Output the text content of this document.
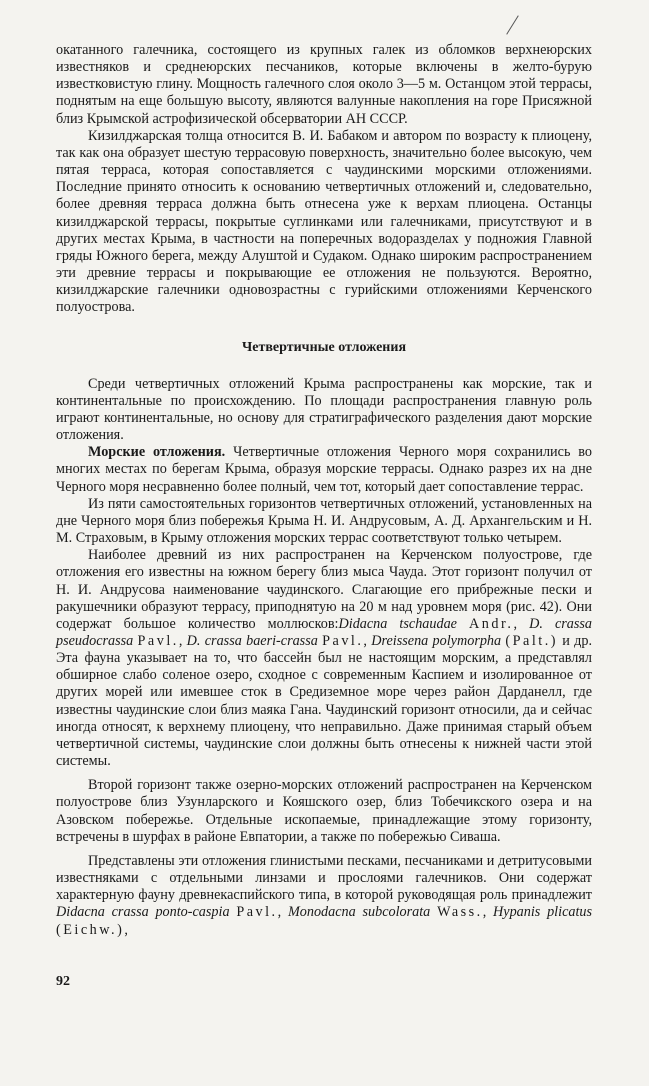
окатанного галечника, состоящего из крупных галек из обломков верхнеюрских известняков и среднеюрских песчаников, которые включены в желто-бурую известковистую глину. Мощность галечного слоя около 3—5 м. Останцом этой террасы, поднятым на еще большую высоту, являются валунные накопления на горе Присяжной близ Крымской астрофизической обсерватории АН СССР.

Кизилджарская толща относится В. И. Бабаком и автором по возрасту к плиоцену, так как она образует шестую террасовую поверхность, значительно более высокую, чем пятая терраса, которая сопоставляется с чаудинскими морскими отложениями. Последние принято относить к основанию четвертичных отложений и, следовательно, более древняя терраса должна быть отнесена уже к верхам плиоцена. Останцы кизилджарской террасы, покрытые суглинками или галечниками, присутствуют и в других местах Крыма, в частности на поперечных водоразделах у подножия Главной гряды Южного берега, между Алуштой и Судаком. Однако широким распространением эти древние террасы и покрывающие ее отложения не пользуются. Вероятно, кизилджарские галечники одновозрастны с гурийскими отложениями Керченского полуострова.

Четвертичные отложения

Среди четвертичных отложений Крыма распространены как морские, так и континентальные по происхождению. По площади распространения главную роль играют континентальные, но основу для стратиграфического разделения дают морские отложения.

Морские отложения. Четвертичные отложения Черного моря сохранились во многих местах по берегам Крыма, образуя морские террасы. Однако разрез их на дне Черного моря несравненно более полный, чем тот, который дает сопоставление террас.

Из пяти самостоятельных горизонтов четвертичных отложений, установленных на дне Черного моря близ побережья Крыма Н. И. Андрусовым, А. Д. Архангельским и Н. М. Страховым, в Крыму отложения морских террас соответствуют только четырем.

Наиболее древний из них распространен на Керченском полуострове, где отложения его известны на южном берегу близ мыса Чауда. Этот горизонт получил от Н. И. Андрусова наименование чаудинского. Слагающие его прибрежные пески и ракушечники образуют террасу, приподнятую на 20 м над уровнем моря (рис. 42). Они содержат большое количество моллюсков:Didacna tschaudae Andr., D. crassa pseudocrassa Pavl., D. crassa baeri-crassa Pavl., Dreissena polymorpha (Palt.) и др. Эта фауна указывает на то, что бассейн был не настоящим морским, а представлял обширное слабо соленое озеро, сходное с современным Каспием и изолированное от других морей или имевшее сток в Средиземное море через район Дарданелл, где известны чаудинские слои близ маяка Гана. Чаудинский горизонт относили, да и сейчас иногда относят, к верхнему плиоцену, что неправильно. Даже принимая старый объем четвертичной системы, чаудинские слои должны быть отнесены к нижней части этой системы.

Второй горизонт также озерно-морских отложений распространен на Керченском полуострове близ Узунларского и Кояшского озер, близ Тобечикского озера и на Азовском побережье. Отдельные ископаемые, принадлежащие этому горизонту, встречены в шурфах в районе Евпатории, а также по побережью Сиваша.

Представлены эти отложения глинистыми песками, песчаниками и детритусовыми известняками с отдельными линзами и прослоями галечников. Они содержат характерную фауну древнекаспийского типа, в которой руководящая роль принадлежит Didacna crassa ponto-caspia Pavl., Monodacna subcolorata Wass., Hypanis plicatus (Eichw.),

92
